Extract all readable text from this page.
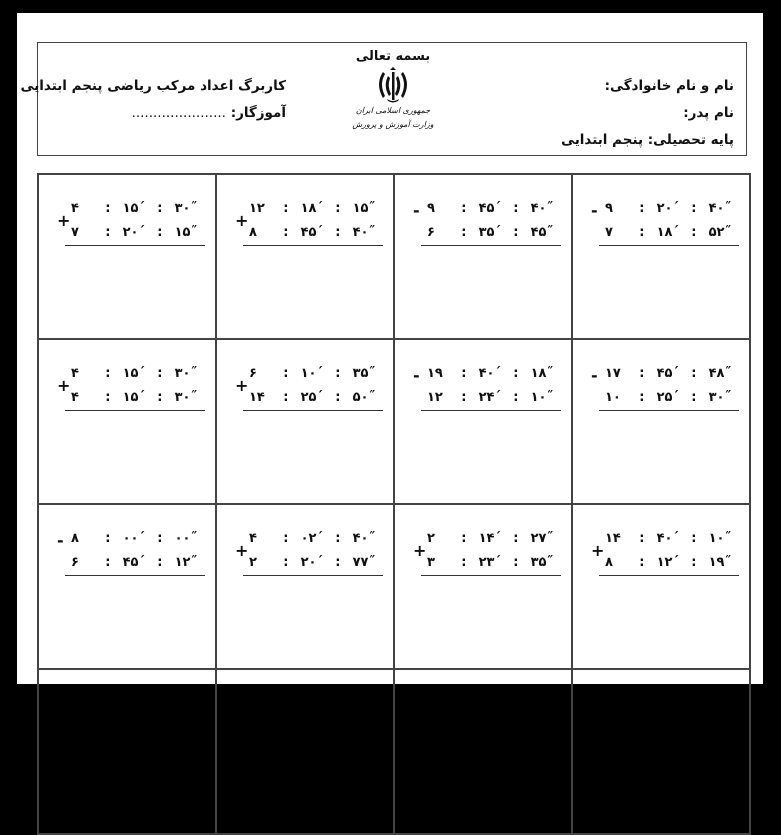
نام و نام خانوادگی:
نام پدر:
پایه تحصیلی: پنجم ابتدایی
بسمه تعالی
جمهوری اسلامی ایران
وزارت آموزش و پرورش
کاربرگ اعداد مرکب ریاضی پنجم ابتدایی
آموزگار: ......................
- ۹	: ۲۰´ : ۴۰˝
۷	: ۱۸´ : ۵۲˝
- ۹	: ۴۵´ : ۴۰˝
۶	: ۳۵´ : ۴۵˝
+
۱۲	: ۱۸´ : ۱۵˝
۸	: ۴۵´ : ۴۰˝
+
۴	: ۱۵´ : ۳۰˝
۷	: ۲۰´ : ۱۵˝
- ۱۷	: ۴۵´ : ۴۸˝
۱۰	: ۲۵´ : ۳۰˝
- ۱۹	: ۴۰´ : ۱۸˝
۱۲	: ۲۴´ : ۱۰˝
+
۶	: ۱۰´ : ۳۵˝
۱۴	: ۲۵´ : ۵۰˝
+
۴	: ۱۵´ : ۳۰˝
۴	: ۱۵´ : ۳۰˝
+
۱۴	: ۴۰´ : ۱۰˝
۸	: ۱۲´ : ۱۹˝
+
۲	: ۱۴´ : ۲۷˝
۳	: ۲۳´ : ۳۵˝
+
۴	: ۰۲´ : ۴۰˝
۲	: ۲۰´ : ۷۷˝
- ۸	: ۰۰´ : ۰۰˝
۶	: ۴۵´ : ۱۲˝
